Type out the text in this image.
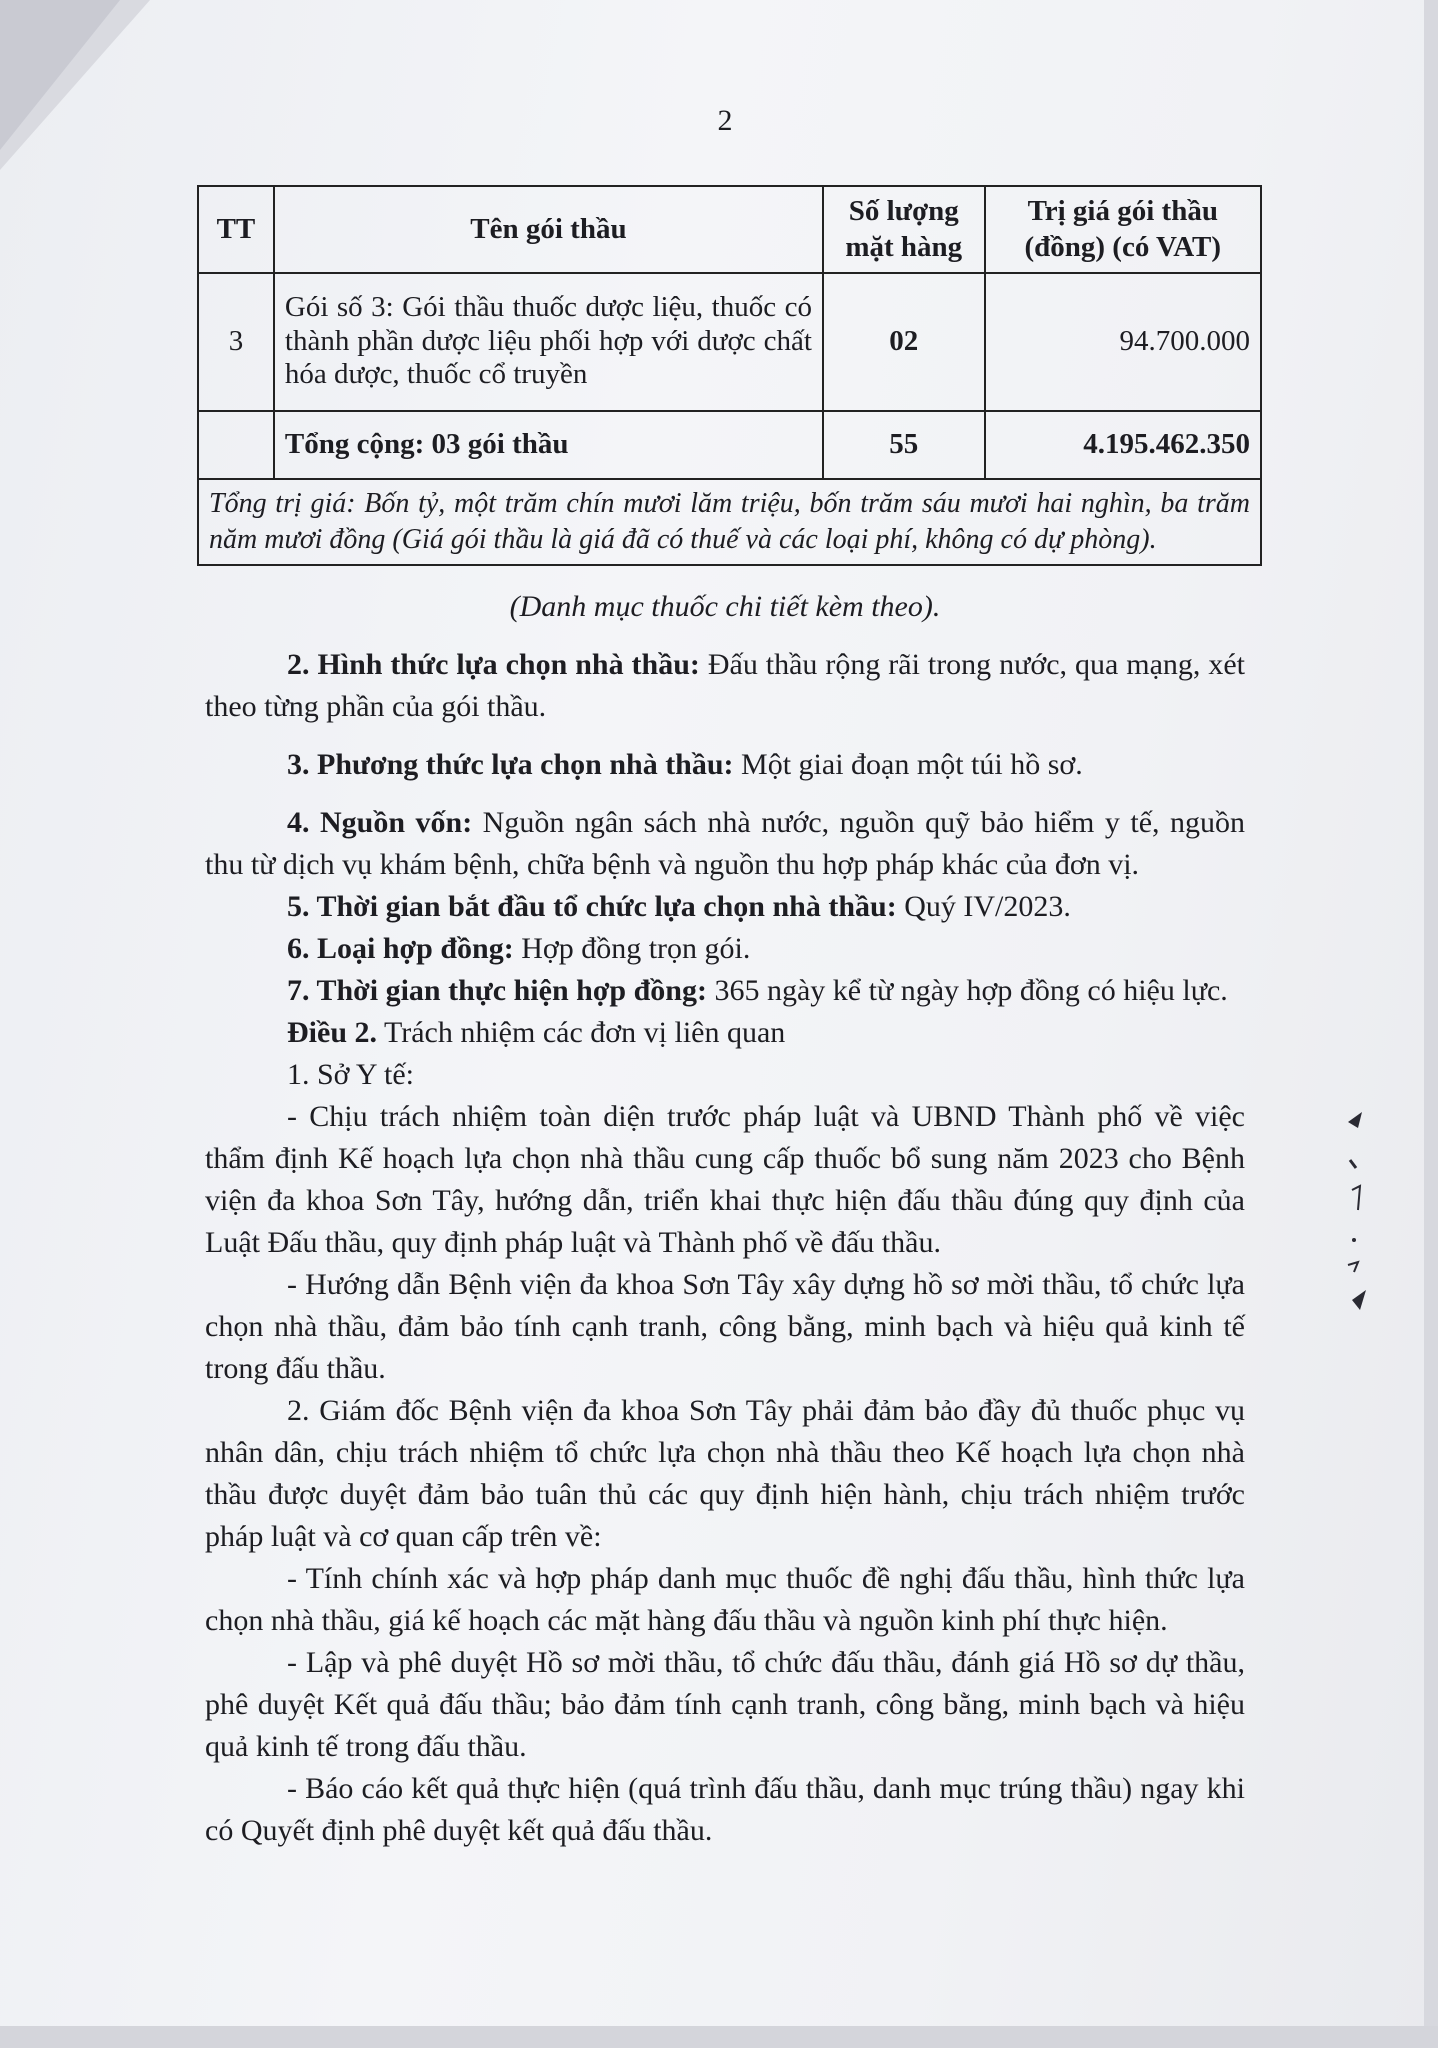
2
TT	Tên gói thầu	Số lượng mặt hàng	Trị giá gói thầu (đồng) (có VAT)
3	Gói số 3: Gói thầu thuốc dược liệu, thuốc có thành phần dược liệu phối hợp với dược chất hóa dược, thuốc cổ truyền	02	94.700.000
	Tổng cộng: 03 gói thầu	55	4.195.462.350
Tổng trị giá: Bốn tỷ, một trăm chín mươi lăm triệu, bốn trăm sáu mươi hai nghìn, ba trăm năm mươi đồng (Giá gói thầu là giá đã có thuế và các loại phí, không có dự phòng).			

(Danh mục thuốc chi tiết kèm theo).

2. Hình thức lựa chọn nhà thầu: Đấu thầu rộng rãi trong nước, qua mạng, xét theo từng phần của gói thầu.

3. Phương thức lựa chọn nhà thầu: Một giai đoạn một túi hồ sơ.

4. Nguồn vốn: Nguồn ngân sách nhà nước, nguồn quỹ bảo hiểm y tế, nguồn thu từ dịch vụ khám bệnh, chữa bệnh và nguồn thu hợp pháp khác của đơn vị.

5. Thời gian bắt đầu tổ chức lựa chọn nhà thầu: Quý IV/2023.

6. Loại hợp đồng: Hợp đồng trọn gói.

7. Thời gian thực hiện hợp đồng: 365 ngày kể từ ngày hợp đồng có hiệu lực.

Điều 2. Trách nhiệm các đơn vị liên quan

1. Sở Y tế:

- Chịu trách nhiệm toàn diện trước pháp luật và UBND Thành phố về việc thẩm định Kế hoạch lựa chọn nhà thầu cung cấp thuốc bổ sung năm 2023 cho Bệnh viện đa khoa Sơn Tây, hướng dẫn, triển khai thực hiện đấu thầu đúng quy định của Luật Đấu thầu, quy định pháp luật và Thành phố về đấu thầu.

- Hướng dẫn Bệnh viện đa khoa Sơn Tây xây dựng hồ sơ mời thầu, tổ chức lựa chọn nhà thầu, đảm bảo tính cạnh tranh, công bằng, minh bạch và hiệu quả kinh tế trong đấu thầu.

2. Giám đốc Bệnh viện đa khoa Sơn Tây phải đảm bảo đầy đủ thuốc phục vụ nhân dân, chịu trách nhiệm tổ chức lựa chọn nhà thầu theo Kế hoạch lựa chọn nhà thầu được duyệt đảm bảo tuân thủ các quy định hiện hành, chịu trách nhiệm trước pháp luật và cơ quan cấp trên về:

- Tính chính xác và hợp pháp danh mục thuốc đề nghị đấu thầu, hình thức lựa chọn nhà thầu, giá kế hoạch các mặt hàng đấu thầu và nguồn kinh phí thực hiện.

- Lập và phê duyệt Hồ sơ mời thầu, tổ chức đấu thầu, đánh giá Hồ sơ dự thầu, phê duyệt Kết quả đấu thầu; bảo đảm tính cạnh tranh, công bằng, minh bạch và hiệu quả kinh tế trong đấu thầu.

- Báo cáo kết quả thực hiện (quá trình đấu thầu, danh mục trúng thầu) ngay khi có Quyết định phê duyệt kết quả đấu thầu.
